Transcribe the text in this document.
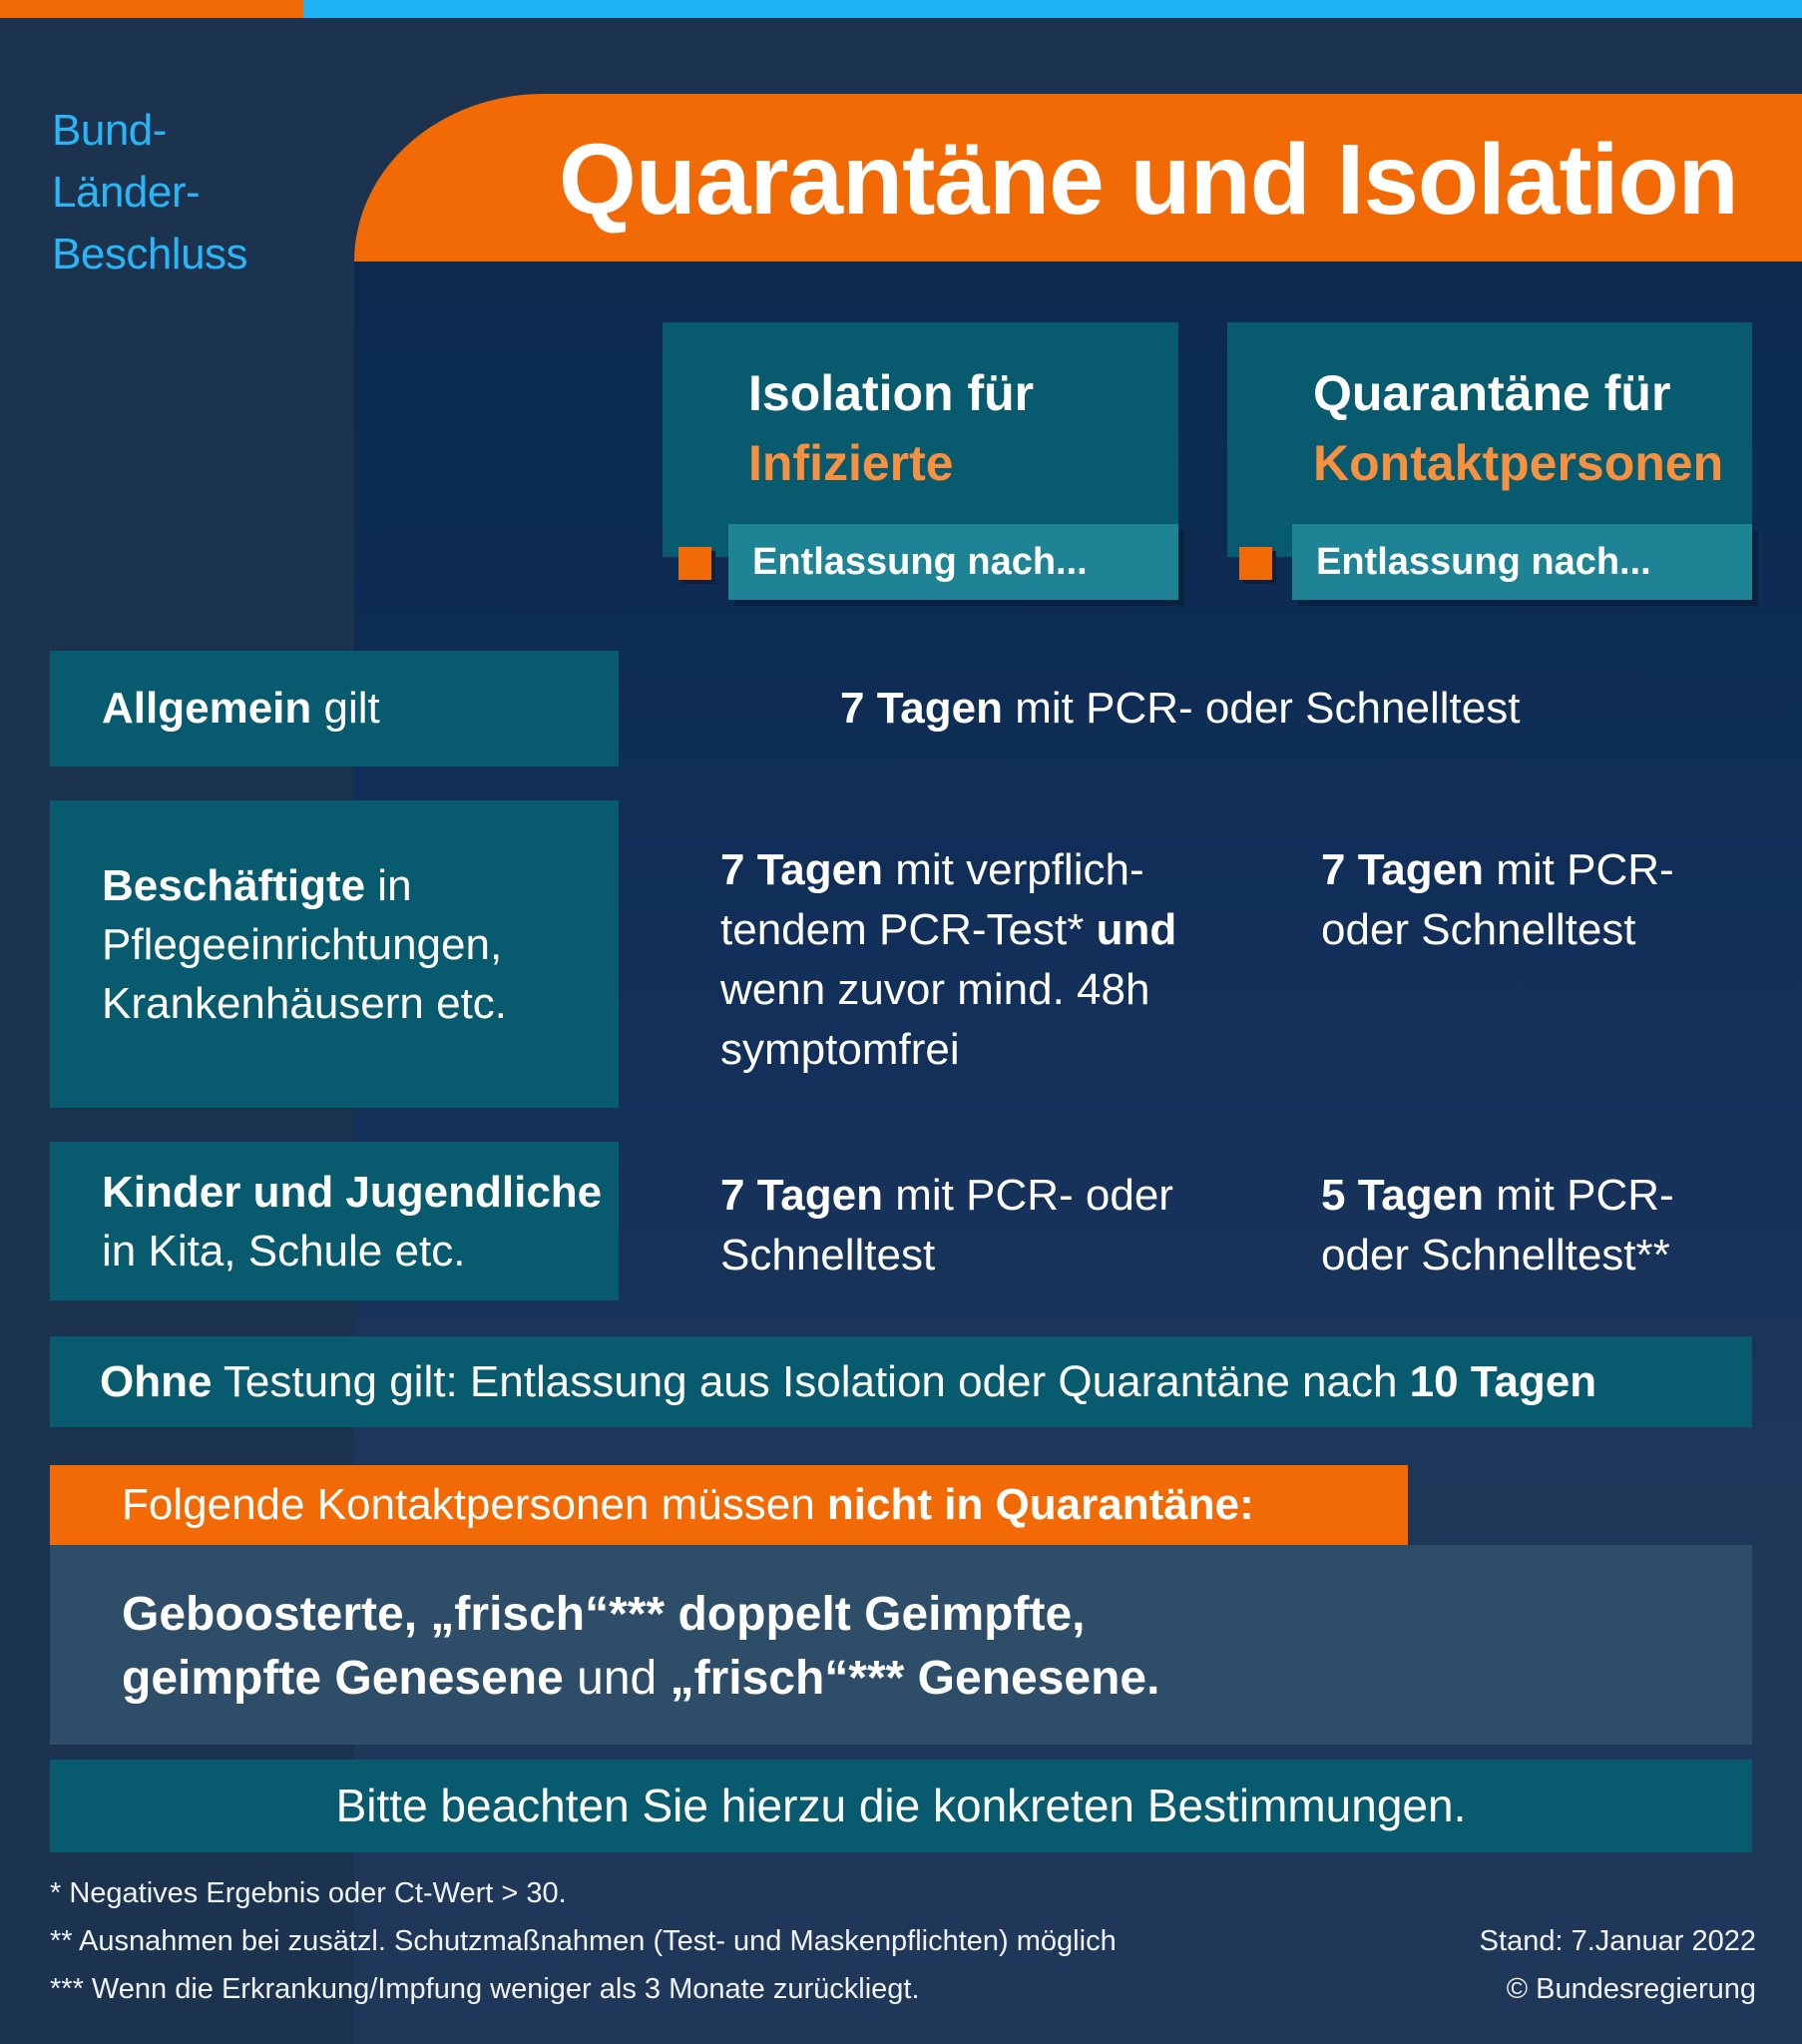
Bund-
Länder-
Beschluss
Quarantäne und Isolation
Isolation für
Infizierte
Entlassung nach...
Quarantäne für
Kontaktpersonen
Entlassung nach...
Allgemein gilt	7 Tagen mit PCR- oder Schnelltest
Beschäftigte in Pflegeeinrichtungen, Krankenhäusern etc.
7 Tagen mit verpflich-tendem PCR-Test* und wenn zuvor mind. 48h symptomfrei
7 Tagen mit PCR- oder Schnelltest
Kinder und Jugendliche
in Kita, Schule etc.
7 Tagen mit PCR- oder Schnelltest
5 Tagen mit PCR- oder Schnelltest**
Ohne Testung gilt: Entlassung aus Isolation oder Quarantäne nach 10 Tagen
Folgende Kontaktpersonen müssen nicht in Quarantäne:
Geboosterte, „frisch“*** doppelt Geimpfte,
geimpfte Genesene und „frisch“*** Genesene.
Bitte beachten Sie hierzu die konkreten Bestimmungen.
* Negatives Ergebnis oder Ct-Wert > 30.
** Ausnahmen bei zusätzl. Schutzmaßnahmen (Test- und Maskenpflichten) möglich
*** Wenn die Erkrankung/Impfung weniger als 3 Monate zurückliegt.
Stand: 7.Januar 2022
© Bundesregierung
